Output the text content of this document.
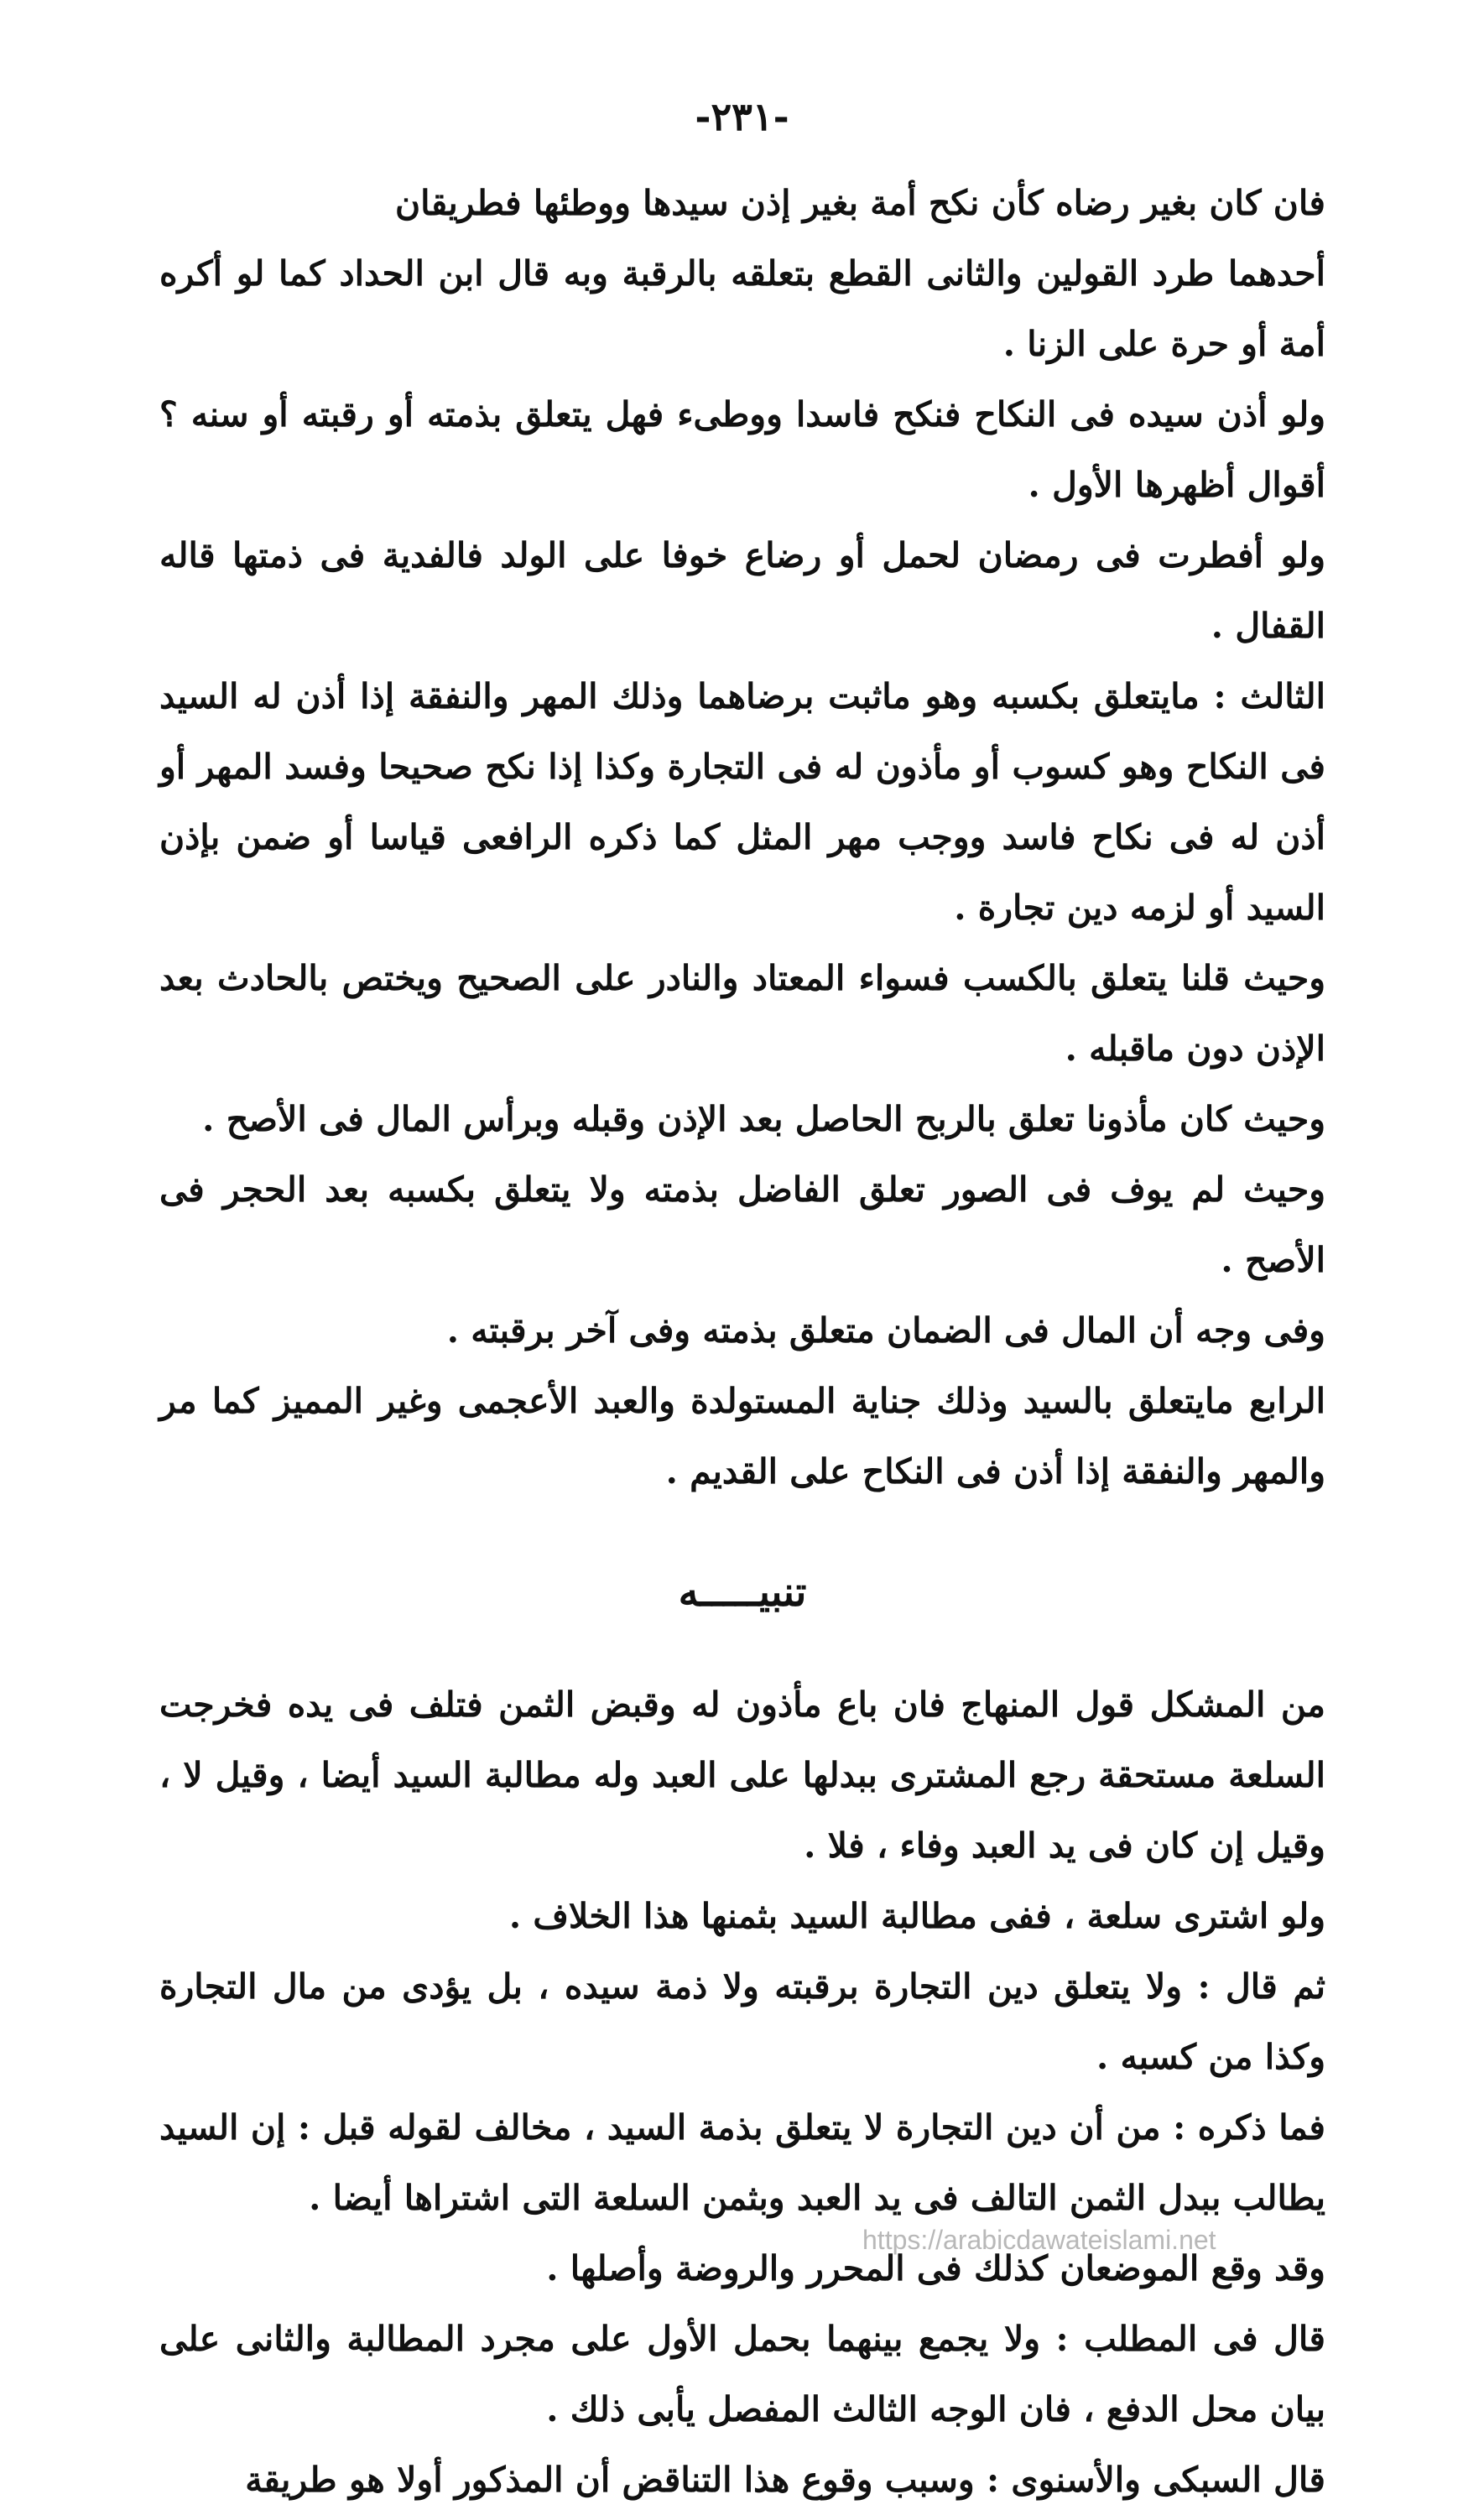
-٢٣١-

فان كان بغير رضاه كأن نكح أمة بغير إذن سيدها ووطئها فطريقان

أحدهما طرد القولين والثانى القطع بتعلقه بالرقبة وبه قال ابن الحداد كما لو أكره أمة أو حرة على الزنا .

ولو أذن سيده فى النكاح فنكح فاسدا ووطىء فهل يتعلق بذمته أو رقبته أو سنه ؟ أقوال أظهرها الأول .

ولو أفطرت فى رمضان لحمل أو رضاع خوفا على الولد فالفدية فى ذمتها قاله القفال .

الثالث : مايتعلق بكسبه وهو ماثبت برضاهما وذلك المهر والنفقة إذا أذن له السيد فى النكاح وهو كسوب أو مأذون له فى التجارة وكذا إذا نكح صحيحا وفسد المهر أو أذن له فى نكاح فاسد ووجب مهر المثل كما ذكره الرافعى قياسا أو ضمن بإذن السيد أو لزمه دين تجارة .

وحيث قلنا يتعلق بالكسب فسواء المعتاد والنادر على الصحيح ويختص بالحادث بعد الإذن دون ماقبله .

وحيث كان مأذونا تعلق بالربح الحاصل بعد الإذن وقبله وبرأس المال فى الأصح .

وحيث لم يوف فى الصور تعلق الفاضل بذمته ولا يتعلق بكسبه بعد الحجر فى الأصح .

وفى وجه أن المال فى الضمان متعلق بذمته وفى آخر برقبته .

الرابع مايتعلق بالسيد وذلك جناية المستولدة والعبد الأعجمى وغير المميز كما مر والمهر والنفقة إذا أذن فى النكاح على القديم .

تنبيـــــه

من المشكل قول المنهاج فان باع مأذون له وقبض الثمن فتلف فى يده فخرجت السلعة مستحقة رجع المشترى ببدلها على العبد وله مطالبة السيد أيضا ، وقيل لا ، وقيل إن كان فى يد العبد وفاء ، فلا .

ولو اشترى سلعة ، ففى مطالبة السيد بثمنها هذا الخلاف .

ثم قال : ولا يتعلق دين التجارة برقبته ولا ذمة سيده ، بل يؤدى من مال التجارة وكذا من كسبه .

فما ذكره : من أن دين التجارة لا يتعلق بذمة السيد ، مخالف لقوله قبل : إن السيد يطالب ببدل الثمن التالف فى يد العبد وبثمن السلعة التى اشتراها أيضا .

وقد وقع الموضعان كذلك فى المحرر والروضة وأصلها .

قال فى المطلب : ولا يجمع بينهما بحمل الأول على مجرد المطالبة والثانى على بيان محل الدفع ، فان الوجه الثالث المفصل يأبى ذلك .

قال السبكى والأسنوى : وسبب وقوع هذا التناقض أن المذكور أولا هو طريقة

https://arabicdawateislami.net
